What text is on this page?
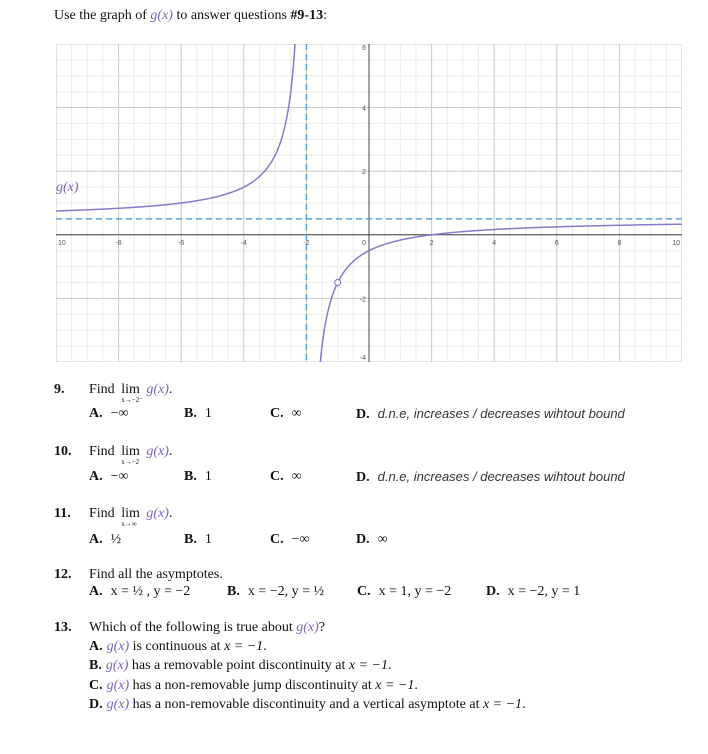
Use the graph of g(x) to answer questions #9-13:
10	-8	-6	-4	-2	0	2	4	6	8	10
6
4
2
-2
-4
g(x)
9. Find lim
x→−2⁻
g(x).
A. −∞	B. 1	C. ∞	D. d.n.e, increases / decreases wihtout bound
10. Find lim
x→−2
g(x).
A. −∞	B. 1	C. ∞	D. d.n.e, increases / decreases wihtout bound
11. Find lim
x→∞
g(x).
A. ½	B. 1	C. −∞	D. ∞
12. Find all the asymptotes.
A. x = ½ , y = −2	B. x = −2, y = ½ C. x = 1, y = −2 D. x = −2, y = 1
13. Which of the following is true about g(x)?
A. g(x) is continuous at x = −1.
B. g(x) has a removable point discontinuity at x = −1.
C. g(x) has a non-removable jump discontinuity at x = −1.
D. g(x) has a non-removable discontinuity and a vertical asymptote at x = −1.
